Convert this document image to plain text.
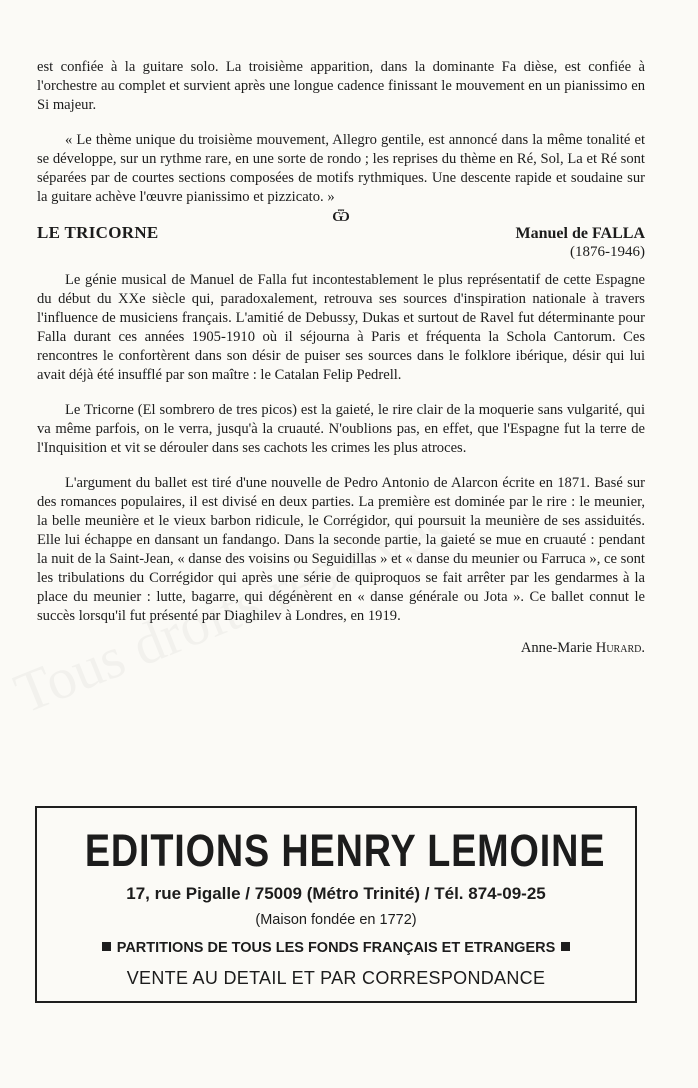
est confiée à la guitare solo. La troisième apparition, dans la dominante Fa dièse, est confiée à l'orchestre au complet et survient après une longue cadence finissant le mouvement en un pianissimo en Si majeur.

« Le thème unique du troisième mouvement, Allegro gentile, est annoncé dans la même tonalité et se développe, sur un rythme rare, en une sorte de rondo ; les reprises du thème en Ré, Sol, La et Ré sont séparées par de courtes sections composées de motifs rythmiques. Une descente rapide et soudaine sur la guitare achève l'œuvre pianissimo et pizzicato. »

Ѿ
LE TRICORNE	Manuel de FALLA
(1876-1946)

Le génie musical de Manuel de Falla fut incontestablement le plus représentatif de cette Espagne du début du XXe siècle qui, paradoxalement, retrouva ses sources d'inspiration nationale à travers l'influence de musiciens français. L'amitié de Debussy, Dukas et surtout de Ravel fut déterminante pour Falla durant ces années 1905-1910 où il séjourna à Paris et fréquenta la Schola Cantorum. Ces rencontres le confortèrent dans son désir de puiser ses sources dans le folklore ibérique, désir qui lui avait déjà été insufflé par son maître : le Catalan Felip Pedrell.

Le Tricorne (El sombrero de tres picos) est la gaieté, le rire clair de la moquerie sans vulgarité, qui va même parfois, on le verra, jusqu'à la cruauté. N'oublions pas, en effet, que l'Espagne fut la terre de l'Inquisition et vit se dérouler dans ses cachots les crimes les plus atroces.

L'argument du ballet est tiré d'une nouvelle de Pedro Antonio de Alarcon écrite en 1871. Basé sur des romances populaires, il est divisé en deux parties. La première est dominée par le rire : le meunier, la belle meunière et le vieux barbon ridicule, le Corrégidor, qui poursuit la meunière de ses assiduités. Elle lui échappe en dansant un fandango. Dans la seconde partie, la gaieté se mue en cruauté : pendant la nuit de la Saint-Jean, « danse des voisins ou Seguidillas » et « danse du meunier ou Farruca », ce sont les tribulations du Corrégidor qui après une série de quiproquos se fait arrêter par les gendarmes à la place du meunier : lutte, bagarre, qui dégénèrent en « danse générale ou Jota ». Ce ballet connut le succès lorsqu'il fut présenté par Diaghilev à Londres, en 1919.

Anne-Marie Hurard.
EDITIONS HENRY LEMOINE
17, rue Pigalle / 75009 (Métro Trinité) / Tél. 874-09-25
(Maison fondée en 1772)
PARTITIONS DE TOUS LES FONDS FRANÇAIS ET ETRANGERS
VENTE AU DETAIL ET PAR CORRESPONDANCE
